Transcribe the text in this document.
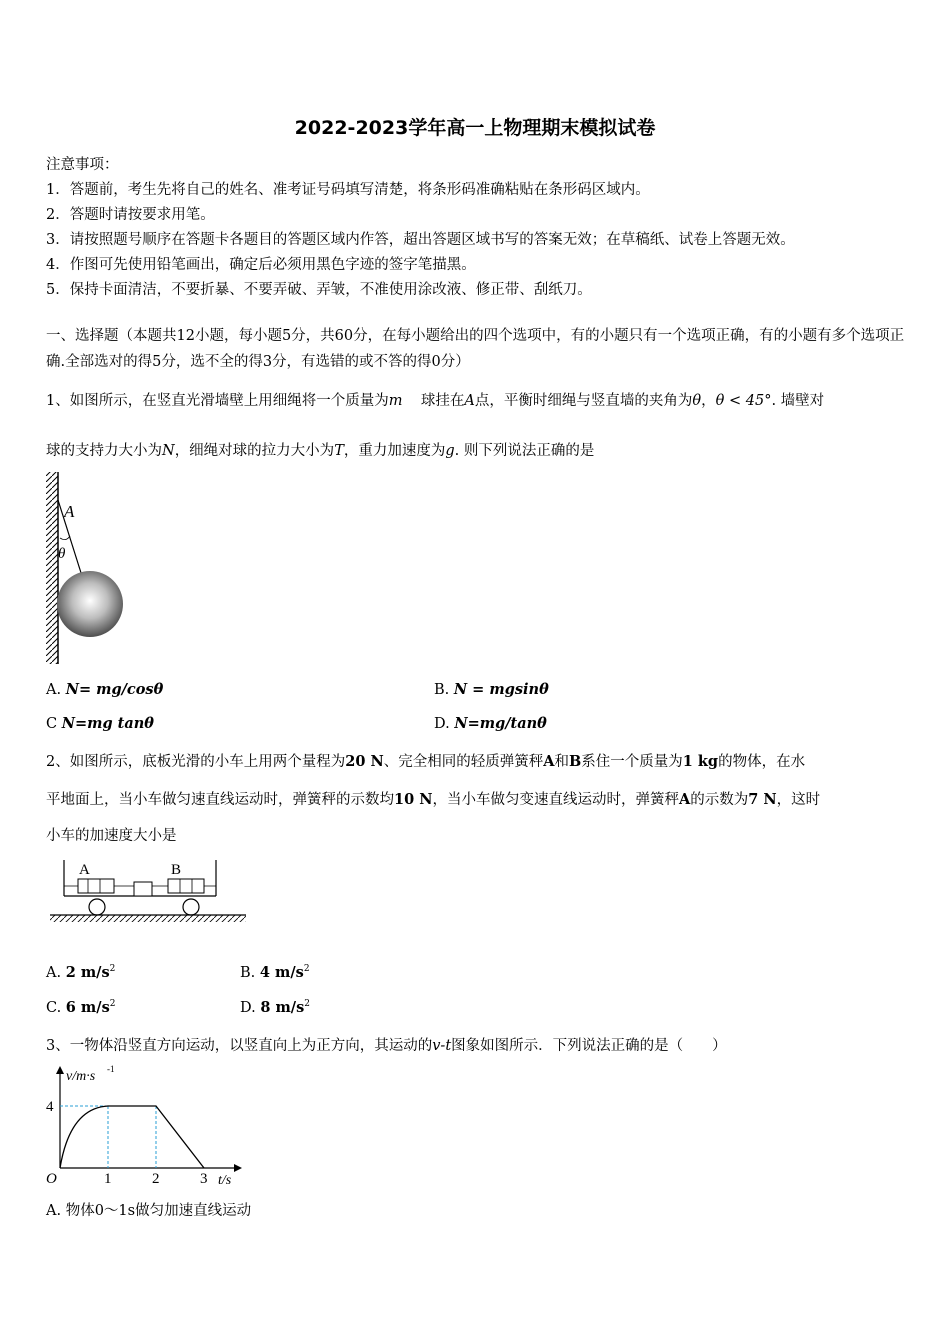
2022-2023学年高一上物理期末模拟试卷
注意事项：
1．答题前，考生先将自己的姓名、准考证号码填写清楚，将条形码准确粘贴在条形码区域内。
2．答题时请按要求用笔。
3．请按照题号顺序在答题卡各题目的答题区域内作答，超出答题区域书写的答案无效；在草稿纸、试卷上答题无效。
4．作图可先使用铅笔画出，确定后必须用黑色字迹的签字笔描黑。
5．保持卡面清洁，不要折暴、不要弄破、弄皱，不准使用涂改液、修正带、刮纸刀。
一、选择题（本题共12小题，每小题5分，共60分，在每小题给出的四个选项中，有的小题只有一个选项正确，有的小题有多个选项正确.全部选对的得5分，选不全的得3分，有选错的或不答的得0分）
1、如图所示，在竖直光滑墙壁上用细绳将一个质量为m 球挂在A点，平衡时细绳与竖直墙的夹角为θ，θ < 45°. 墙壁对
球的支持力大小为N，细绳对球的拉力大小为T，重力加速度为g. 则下列说法正确的是
A
θ
A. N= mg/cosθ	B. N = mgsinθ
C N=mg tanθ	D. N=mg/tanθ
2、如图所示，底板光滑的小车上用两个量程为20 N、完全相同的轻质弹簧秤A和B系住一个质量为1 kg的物体，在水
平地面上，当小车做匀速直线运动时，弹簧秤的示数均10 N，当小车做匀变速直线运动时，弹簧秤A的示数为7 N，这时
小车的加速度大小是
A	B
A. 2 $m/s^2$	B. 4 $m/s^2$
C. 6 $m/s^2$	D. 8 $m/s^2$
3、一物体沿竖直方向运动，以竖直向上为正方向，其运动的v-t图象如图所示．下列说法正确的是（　　）
1	2	3
4
O
v/m·s -1
t/s
A. 物体0～1s做匀加速直线运动
